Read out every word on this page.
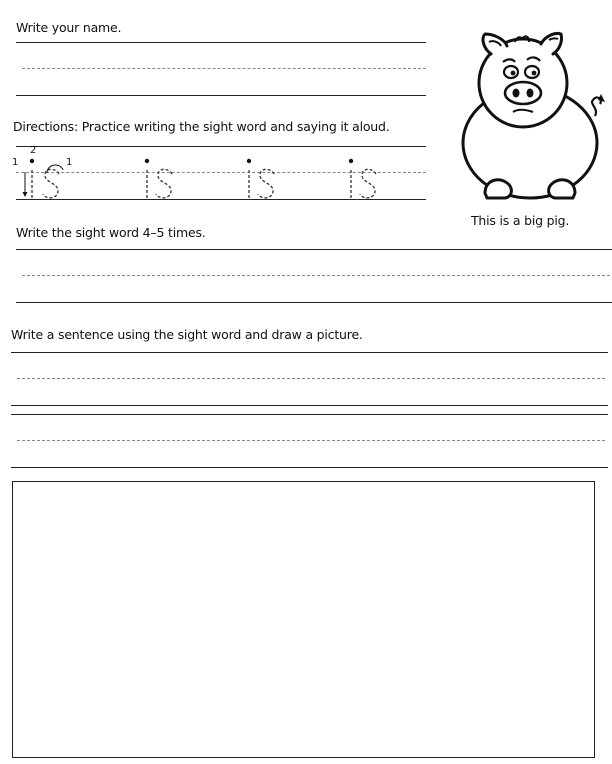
Write your name.
Directions: Practice writing the sight word and saying it aloud.
1
2
1
This is a big pig.
Write the sight word 4–5 times.
Write a sentence using the sight word and draw a picture.
